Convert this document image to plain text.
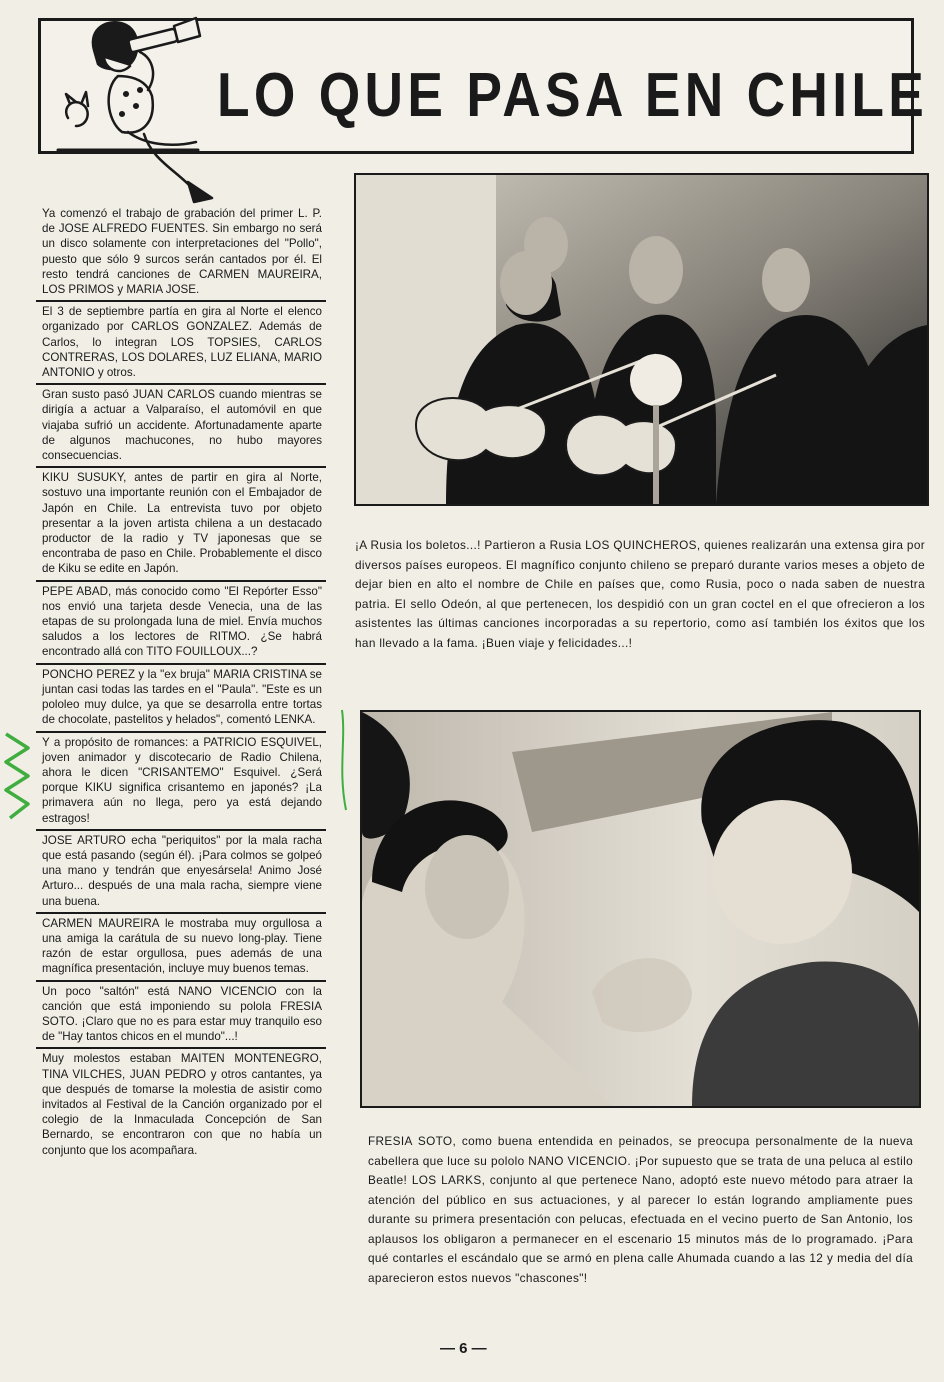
LO QUE PASA EN CHILE
Ya comenzó el trabajo de grabación del primer L. P. de JOSE ALFREDO FUENTES. Sin embargo no será un disco solamente con interpretaciones del "Pollo", puesto que sólo 9 surcos serán cantados por él. El resto tendrá canciones de CARMEN MAUREIRA, LOS PRIMOS y MARIA JOSE.
El 3 de septiembre partía en gira al Norte el elenco organizado por CARLOS GONZALEZ. Además de Carlos, lo integran LOS TOPSIES, CARLOS CONTRERAS, LOS DOLARES, LUZ ELIANA, MARIO ANTONIO y otros.
Gran susto pasó JUAN CARLOS cuando mientras se dirigía a actuar a Valparaíso, el automóvil en que viajaba sufrió un accidente. Afortunadamente aparte de algunos machucones, no hubo mayores consecuencias.
KIKU SUSUKY, antes de partir en gira al Norte, sostuvo una importante reunión con el Embajador de Japón en Chile. La entrevista tuvo por objeto presentar a la joven artista chilena a un destacado productor de la radio y TV japonesas que se encontraba de paso en Chile. Probablemente el disco de Kiku se edite en Japón.
PEPE ABAD, más conocido como "El Repórter Esso" nos envió una tarjeta desde Venecia, una de las etapas de su prolongada luna de miel. Envía muchos saludos a los lectores de RITMO. ¿Se habrá encontrado allá con TITO FOUILLOUX...?
PONCHO PEREZ y la "ex bruja" MARIA CRISTINA se juntan casi todas las tardes en el "Paula". "Este es un pololeo muy dulce, ya que se desarrolla entre tortas de chocolate, pastelitos y helados", comentó LENKA.
Y a propósito de romances: a PATRICIO ESQUIVEL, joven animador y discotecario de Radio Chilena, ahora le dicen "CRISANTEMO" Esquivel. ¿Será porque KIKU significa crisantemo en japonés? ¡La primavera aún no llega, pero ya está dejando estragos!
JOSE ARTURO echa "periquitos" por la mala racha que está pasando (según él). ¡Para colmos se golpeó una mano y tendrán que enyesársela! Animo José Arturo... después de una mala racha, siempre viene una buena.
CARMEN MAUREIRA le mostraba muy orgullosa a una amiga la carátula de su nuevo long-play. Tiene razón de estar orgullosa, pues además de una magnífica presentación, incluye muy buenos temas.
Un poco "saltón" está NANO VICENCIO con la canción que está imponiendo su polola FRESIA SOTO. ¡Claro que no es para estar muy tranquilo eso de "Hay tantos chicos en el mundo"...!
Muy molestos estaban MAITEN MONTENEGRO, TINA VILCHES, JUAN PEDRO y otros cantantes, ya que después de tomarse la molestia de asistir como invitados al Festival de la Canción organizado por el colegio de la Inmaculada Concepción de San Bernardo, se encontraron con que no había un conjunto que los acompañara.
¡A Rusia los boletos...! Partieron a Rusia LOS QUINCHEROS, quienes realizarán una extensa gira por diversos países europeos. El magnífico conjunto chileno se preparó durante varios meses a objeto de dejar bien en alto el nombre de Chile en países que, como Rusia, poco o nada saben de nuestra patria. El sello Odeón, al que pertenecen, los despidió con un gran coctel en el que ofrecieron a los asistentes las últimas canciones incorporadas a su repertorio, como así también los éxitos que los han llevado a la fama. ¡Buen viaje y felicidades...!
FRESIA SOTO, como buena entendida en peinados, se preocupa personalmente de la nueva cabellera que luce su pololo NANO VICENCIO. ¡Por supuesto que se trata de una peluca al estilo Beatle! LOS LARKS, conjunto al que pertenece Nano, adoptó este nuevo método para atraer la atención del público en sus actuaciones, y al parecer lo están logrando ampliamente pues durante su primera presentación con pelucas, efectuada en el vecino puerto de San Antonio, los aplausos los obligaron a permanecer en el escenario 15 minutos más de lo programado. ¡Para qué contarles el escándalo que se armó en plena calle Ahumada cuando a las 12 y media del día aparecieron estos nuevos "chascones"!
— 6 —
